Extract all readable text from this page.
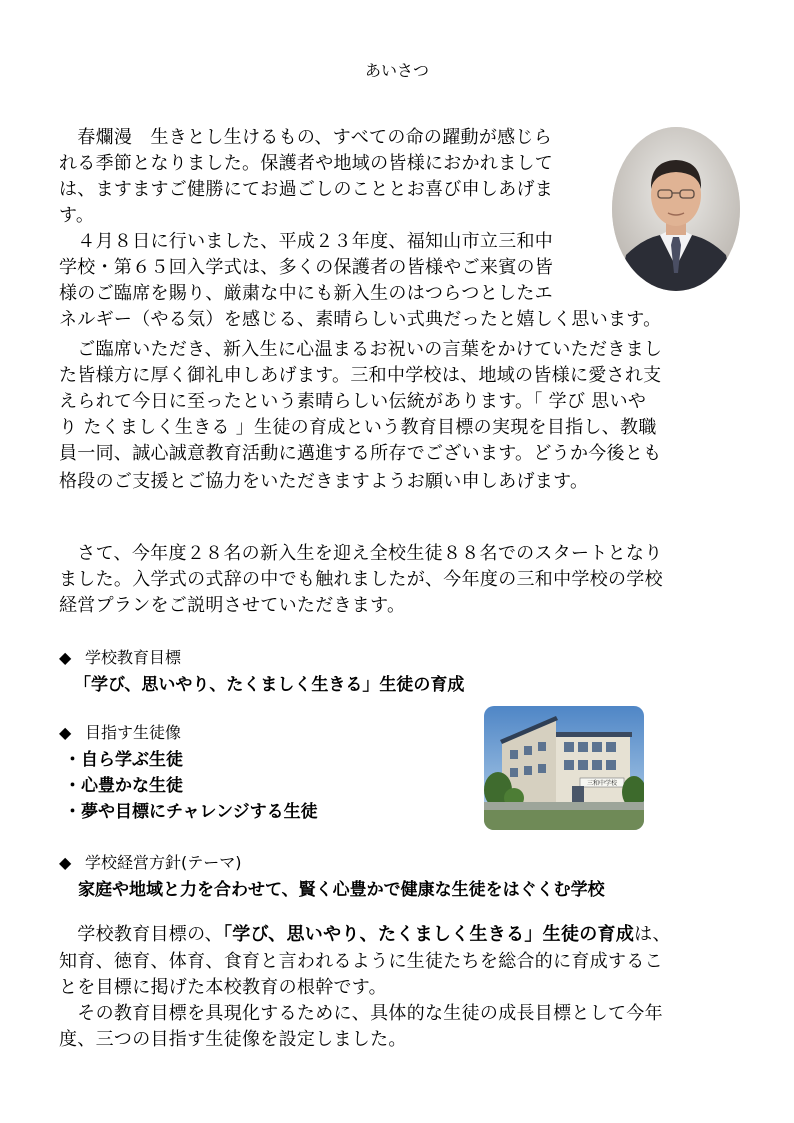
あいさつ
　春爛漫　生きとし生けるもの、すべての命の躍動が感じら
れる季節となりました。保護者や地域の皆様におかれまして
は、ますますご健勝にてお過ごしのこととお喜び申しあげま
す。
　４月８日に行いました、平成２３年度、福知山市立三和中
学校・第６５回入学式は、多くの保護者の皆様やご来賓の皆
様のご臨席を賜り、厳粛な中にも新入生のはつらつとしたエ
ネルギー（やる気）を感じる、素晴らしい式典だったと嬉しく思います。
　ご臨席いただき、新入生に心温まるお祝いの言葉をかけていただきまし
た皆様方に厚く御礼申しあげます。三和中学校は、地域の皆様に愛され支
えられて今日に至ったという素晴らしい伝統があります。「 学び 思いや
り たくましく生きる 」生徒の育成という教育目標の実現を目指し、教職
員一同、誠心誠意教育活動に邁進する所存でございます。どうか今後とも
格段のご支援とご協力をいただきますようお願い申しあげます。
　さて、今年度２８名の新入生を迎え全校生徒８８名でのスタートとなり
ました。入学式の式辞の中でも触れましたが、今年度の三和中学校の学校
経営プランをご説明させていただきます。
◆ 学校教育目標
「学び、思いやり、たくましく生きる」生徒の育成
◆ 目指す生徒像
・自ら学ぶ生徒
・心豊かな生徒
・夢や目標にチャレンジする生徒
三和中学校
◆ 学校経営方針(テーマ)
家庭や地域と力を合わせて、賢く心豊かで健康な生徒をはぐくむ学校
　学校教育目標の、「学び、思いやり、たくましく生きる」生徒の育成は、
知育、徳育、体育、食育と言われるように生徒たちを総合的に育成するこ
とを目標に掲げた本校教育の根幹です。
　その教育目標を具現化するために、具体的な生徒の成長目標として今年
度、三つの目指す生徒像を設定しました。
